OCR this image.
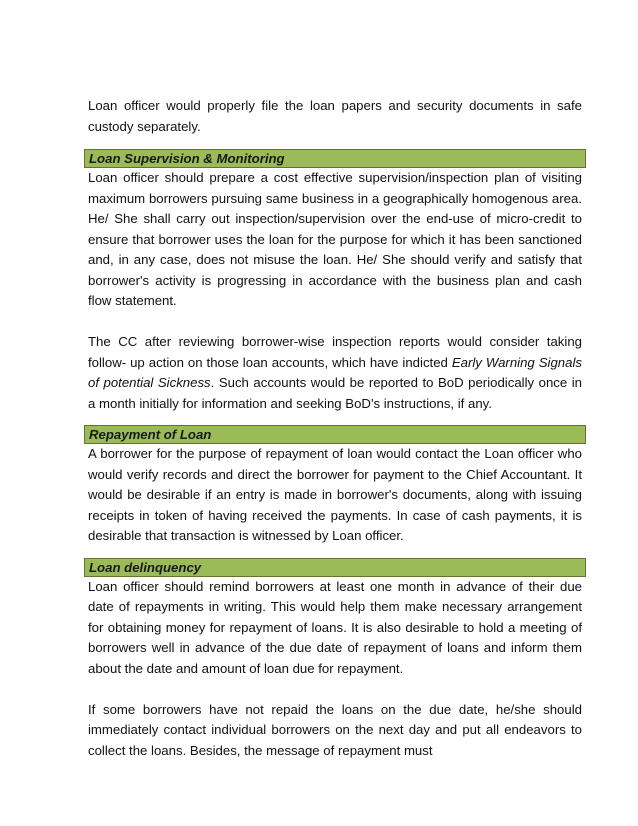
Loan officer would properly file the loan papers and security documents in safe custody separately.

Loan Supervision & Monitoring

Loan officer should prepare a cost effective supervision/inspection plan of visiting maximum borrowers pursuing same business in a geographically homogenous area. He/ She shall carry out inspection/supervision over the end-use of micro-credit to ensure that borrower uses the loan for the purpose for which it has been sanctioned and, in any case, does not misuse the loan. He/ She should verify and satisfy that borrower's activity is progressing in accordance with the business plan and cash flow statement.

The CC after reviewing borrower-wise inspection reports would consider taking follow- up action on those loan accounts, which have indicted Early Warning Signals of potential Sickness. Such accounts would be reported to BoD periodically once in a month initially for information and seeking BoD's instructions, if any.

Repayment of Loan

A borrower for the purpose of repayment of loan would contact the Loan officer who would verify records and direct the borrower for payment to the Chief Accountant. It would be desirable if an entry is made in borrower's documents, along with issuing receipts in token of having received the payments. In case of cash payments, it is desirable that transaction is witnessed by Loan officer.

Loan delinquency

Loan officer should remind borrowers at least one month in advance of their due date of repayments in writing. This would help them make necessary arrangement for obtaining money for repayment of loans. It is also desirable to hold a meeting of borrowers well in advance of the due date of repayment of loans and inform them about the date and amount of loan due for repayment.

If some borrowers have not repaid the loans on the due date, he/she should immediately contact individual borrowers on the next day and put all endeavors to collect the loans. Besides, the message of repayment must
